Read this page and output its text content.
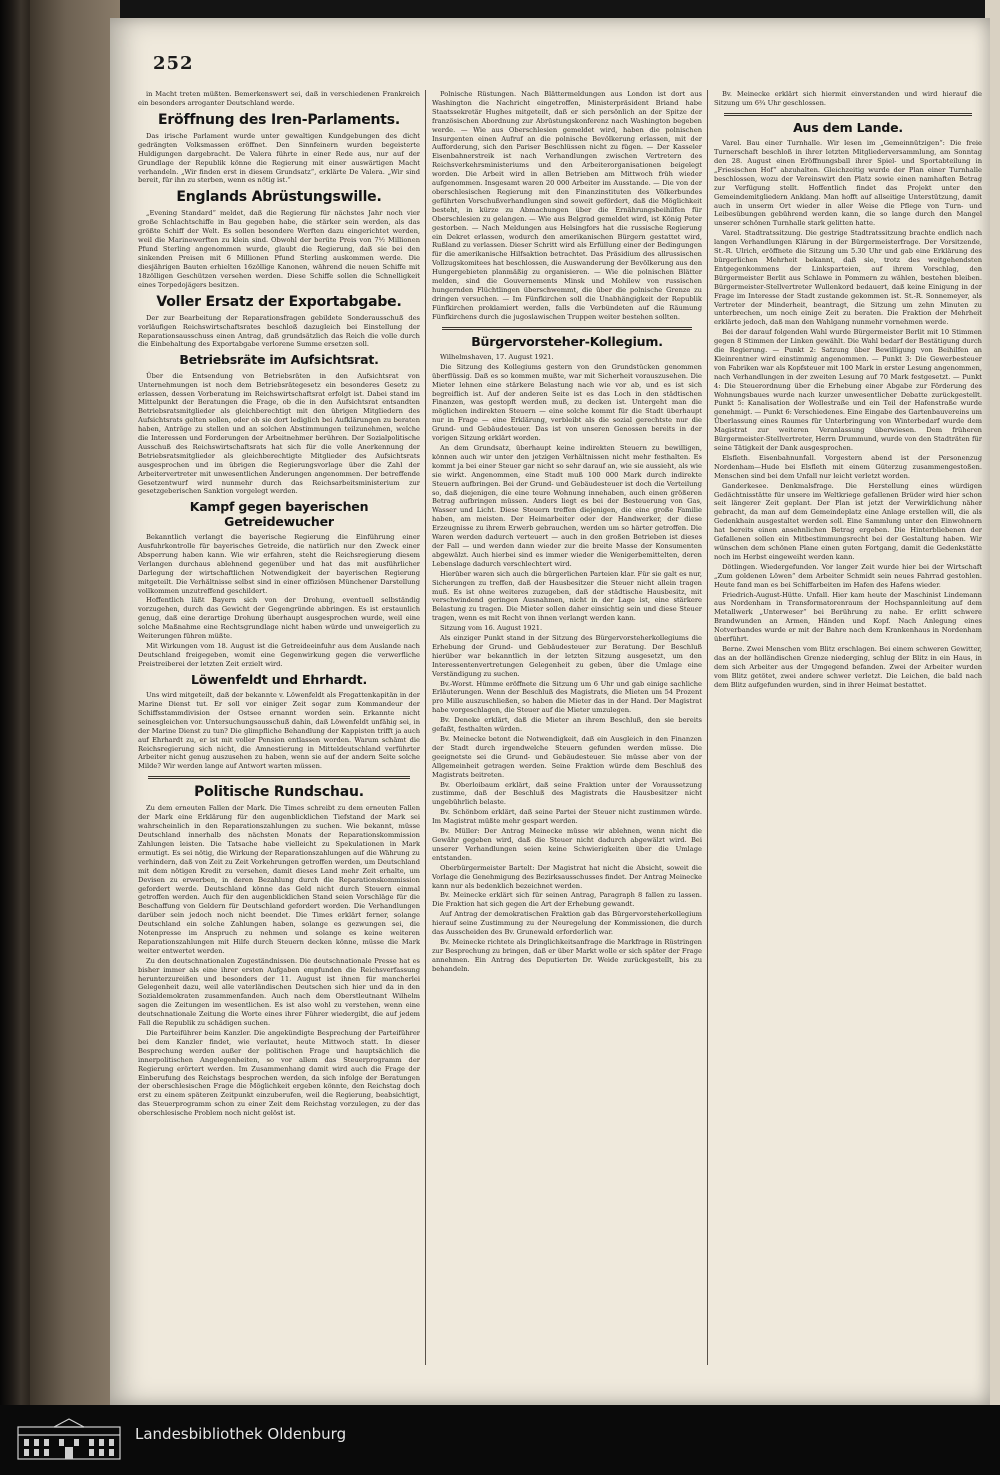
252

in Macht treten müßten. Bemerkenswert sei, daß in verschiedenen Frankreich ein besonders arroganter Deutschland werde.

Eröffnung des Iren-Parlaments.

Das irische Parlament wurde unter gewaltigen Kundgebungen des dicht gedrängten Volksmassen eröffnet. Den Sinnfeinern wurden begeisterte Huldigungen dargebracht. De Valera führte in einer Rede aus, nur auf der Grundlage der Republik könne die Regierung mit einer auswärtigen Macht verhandeln. „Wir finden erst in diesem Grundsatz“, erklärte De Valera. „Wir sind bereit, für ihn zu sterben, wenn es nötig ist.“

Englands Abrüstungswille.

„Evening Standard“ meldet, daß die Regierung für nächstes Jahr noch vier große Schlachtschiffe in Bau gegeben habe, die stärker sein werden, als das größte Schiff der Welt. Es sollen besondere Werften dazu eingerichtet werden, weil die Marinewerften zu klein sind. Obwohl der berüte Preis von 7½ Millionen Pfund Sterling angenommen wurde, glaubt die Regierung, daß sie bei den sinkenden Preisen mit 6 Millionen Pfund Sterling auskommen werde. Die diesjährigen Bauten erhielten 16zöllige Kanonen, während die neuen Schiffe mit 18zölligen Geschützen versehen werden. Diese Schiffe sollen die Schnelligkeit eines Torpedojägers besitzen.

Voller Ersatz der Exportabgabe.

Der zur Bearbeitung der Reparationsfragen gebildete Sonderausschuß des vorläufigen Reichswirtschaftsrates beschloß dazugleich bei Einstellung der Reparationsausschuss einen Antrag, daß grundsätzlich das Reich die volle durch die Einbehaltung des Exportabgabe verlorene Summe ersetzen soll.

Betriebsräte im Aufsichtsrat.

Über die Entsendung von Betriebsräten in den Aufsichtsrat von Unternehmungen ist noch dem Betriebsrätegesetz ein besonderes Gesetz zu erlassen, dessen Vorberatung im Reichswirtschaftsrat erfolgt ist. Dabei stand im Mittelpunkt der Beratungen die Frage, ob die in den Aufsichtsrat entsandten Betriebsratsmitglieder als gleichberechtigt mit den übrigen Mitgliedern des Aufsichtsrats gelten sollen, oder ob sie dort lediglich bei Aufklärungen zu beraten haben, Anträge zu stellen und an solchen Abstimmungen teilzunehmen, welche die Interessen und Forderungen der Arbeitnehmer berühren. Der Sozialpolitische Ausschuß des Reichswirtschaftsrats hat sich für die volle Anerkennung der Betriebsratsmitglieder als gleichberechtigte Mitglieder des Aufsichtsrats ausgesprochen und im übrigen die Regierungsvorlage über die Zahl der Arbeitervertreter mit unwesentlichen Änderungen angenommen. Der betreffende Gesetzentwurf wird nunmehr durch das Reichsarbeitsministerium zur gesetzgeberischen Sanktion vorgelegt werden.

Kampf gegen bayerischen Getreidewucher

Bekanntlich verlangt die bayerische Regierung die Einführung einer Ausfuhrkontrolle für bayerisches Getreide, die natürlich nur den Zweck einer Absperrung haben kann. Wie wir erfahren, steht die Reichsregierung diesem Verlangen durchaus ablehnend gegenüber und hat das mit ausführlicher Darlegung der wirtschaftlichen Notwendigkeit der bayerischen Regierung mitgeteilt. Die Verhältnisse selbst sind in einer offiziösen Münchener Darstellung vollkommen unzutreffend geschildert.

Hoffentlich läßt Bayern sich von der Drohung, eventuell selbständig vorzugehen, durch das Gewicht der Gegengründe abbringen. Es ist erstaunlich genug, daß eine derartige Drohung überhaupt ausgesprochen wurde, weil eine solche Maßnahme eine Rechtsgrundlage nicht haben würde und unweigerlich zu Weiterungen führen müßte.

Mit Wirkungen vom 18. August ist die Getreideeinfuhr aus dem Auslande nach Deutschland freigegeben, womit eine Gegenwirkung gegen die verwerfliche Preistreiberei der letzten Zeit erzielt wird.

Löwenfeldt und Ehrhardt.

Uns wird mitgeteilt, daß der bekannte v. Löwenfeldt als Fregattenkapitän in der Marine Dienst tut. Er soll vor einiger Zeit sogar zum Kommandeur der Schiffsstammdivision der Ostsee ernannt worden sein. Erkannte nicht seinesgleichen vor. Untersuchungsausschuß dahin, daß Löwenfeldt unfähig sei, in der Marine Dienst zu tun? Die glimpfliche Behandlung der Kappisten trifft ja auch auf Ehrhardt zu, er ist mit voller Pension entlassen worden. Warum schämt die Reichsregierung sich nicht, die Amnestierung in Mitteldeutschland verführter Arbeiter nicht genug auszusehen zu haben, wenn sie auf der andern Seite solche Milde? Wir werden lange auf Antwort warten müssen.

Politische Rundschau.

Zu dem erneuten Fallen der Mark. Die Times schreibt zu dem erneuten Fallen der Mark eine Erklärung für den augenblicklichen Tiefstand der Mark sei wahrscheinlich in den Reparationszahlungen zu suchen. Wie bekannt, müsse Deutschland innerhalb des nächsten Monats der Reparationskommission Zahlungen leisten. Die Tatsache habe vielleicht zu Spekulationen in Mark ermutigt. Es sei nötig, die Wirkung der Reparationszahlungen auf die Währung zu verhindern, daß von Zeit zu Zeit Vorkehrungen getroffen werden, um Deutschland mit dem nötigen Kredit zu versehen, damit dieses Land mehr Zeit erhalte, um Devisen zu erwerben, in deren Bezahlung durch die Reparationskommission gefordert werde. Deutschland könne das Geld nicht durch Steuern einmal getroffen werden. Auch für den augenblicklichen Stand seien Vorschläge für die Beschaffung von Geldern für Deutschland gefordert worden. Die Verhandlungen darüber sein jedoch noch nicht beendet. Die Times erklärt ferner, solange Deutschland ein solche Zahlungen haben, solange es gezwungen sei, die Notenpresse im Anspruch zu nehmen und solange es keine weiteren Reparationszahlungen mit Hilfe durch Steuern decken könne, müsse die Mark weiter entwertet werden.

Zu den deutschnationalen Zugeständnissen. Die deutschnationale Presse hat es bisher immer als eine ihrer ersten Aufgaben empfunden die Reichsverfassung herunterzureißen und besonders der 11. August ist ihnen für mancherlei Gelegenheit dazu, weil alle vaterländischen Deutschen sich hier und da in den Sozialdemokraten zusammenfanden. Auch nach dem Oberstleutnant Wilhelm sagen die Zeitungen im wesentlichen. Es ist also wohl zu verstehen, wenn eine deutschnationale Zeitung die Worte eines ihrer Führer wiedergibt, die auf jedem Fall die Republik zu schädigen suchen.

Die Parteiführer beim Kanzler. Die angekündigte Besprechung der Parteiführer bei dem Kanzler findet, wie verlautet, heute Mittwoch statt. In dieser Besprechung werden außer der politischen Frage und hauptsächlich die innerpolitischen Angelegenheiten, so vor allem das Steuerprogramm der Regierung erörtert werden. Im Zusammenhang damit wird auch die Frage der Einberufung des Reichstags besprochen werden, da sich infolge der Beratungen der oberschlesischen Frage die Möglichkeit ergeben könnte, den Reichstag doch erst zu einem späteren Zeitpunkt einzuberufen, weil die Regierung, beabsichtigt, das Steuerprogramm schon zu einer Zeit dem Reichstag vorzulegen, zu der das oberschlesische Problem noch nicht gelöst ist.

Polnische Rüstungen. Nach Blättermeldungen aus London ist dort aus Washington die Nachricht eingetroffen, Ministerpräsident Briand habe Staatssekretär Hughes mitgeteilt, daß er sich persönlich an der Spitze der französischen Abordnung zur Abrüstungskonferenz nach Washington begeben werde. — Wie aus Oberschlesien gemeldet wird, haben die polnischen Insurgenten einen Aufruf an die polnische Bevölkerung erlassen, mit der Aufforderung, sich den Pariser Beschlüssen nicht zu fügen. — Der Kasseler Eisenbahnerstreik ist nach Verhandlungen zwischen Vertretern des Reichsverkehrsministeriums und den Arbeiterorganisationen beigelegt worden. Die Arbeit wird in allen Betrieben am Mittwoch früh wieder aufgenommen. Insgesamt waren 20 000 Arbeiter im Ausstande. — Die von der oberschlesischen Regierung mit den Finanzinstituten des Völkerbundes geführten Vorschußverhandlungen sind soweit gefördert, daß die Möglichkeit besteht, in kürze zu Abmachungen über die Ernährungsbeihilfen für Oberschlesien zu gelangen. — Wie aus Belgrad gemeldet wird, ist König Peter gestorben. — Nach Meldungen aus Helsingfors hat die russische Regierung ein Dekret erlassen, wodurch den amerikanischen Bürgern gestattet wird, Rußland zu verlassen. Dieser Schritt wird als Erfüllung einer der Bedingungen für die amerikanische Hilfsaktion betrachtet. Das Präsidium des allrussischen Vollzugskomitees hat beschlossen, die Auswanderung der Bevölkerung aus den Hungergebieten planmäßig zu organisieren. — Wie die polnischen Blätter melden, sind die Gouvernements Minsk und Mohilew von russischen hungernden Flüchtlingen überschwemmt, die über die polnische Grenze zu dringen versuchen. — Im Fünfkirchen soll die Unabhängigkeit der Republik Fünfkirchen proklamiert werden, falls die Verbündeten auf die Räumung Fünfkirchens durch die jugoslawischen Truppen weiter bestehen sollten.

Bürgervorsteher-Kollegium.

Wilhelmshaven, 17. August 1921.

Die Sitzung des Kollegiums gestern von den Grundstücken genommen überflüssig. Daß es so kommen mußte, war mit Sicherheit vorauszusehen. Die Mieter lehnen eine stärkere Belastung nach wie vor ab, und es ist sich begreiflich ist. Auf der anderen Seite ist es das Loch in den städtischen Finanzen, was gestopft werden muß, zu decken ist. Untergeht man die möglichen indirekten Steuern — eine solche kommt für die Stadt überhaupt nur in Frage — eine Erklärung, verbleibt als die sozial gerechtste nur die Grund- und Gebäudesteuer. Das ist von unseren Genossen bereits in der vorigen Sitzung erklärt worden.

An dem Grundsatz, überhaupt keine indirekten Steuern zu bewilligen, können auch wir unter den jetzigen Verhältnissen nicht mehr festhalten. Es kommt ja bei einer Steuer gar nicht so sehr darauf an, wie sie aussieht, als wie sie wirkt. Angenommen, eine Stadt muß 100 000 Mark durch indirekte Steuern aufbringen. Bei der Grund- und Gebäudesteuer ist doch die Verteilung so, daß diejenigen, die eine teure Wohnung innehaben, auch einen größeren Betrag aufbringen müssen. Anders liegt es bei der Besteuerung von Gas, Wasser und Licht. Diese Steuern treffen diejenigen, die eine große Familie haben, am meisten. Der Heimarbeiter oder der Handwerker, der diese Erzeugnisse zu ihrem Erwerb gebrauchen, werden um so härter getroffen. Die Waren werden dadurch verteuert — auch in den großen Betrieben ist dieses der Fall — und werden dann wieder zur die breite Masse der Konsumenten abgewälzt. Auch hierbei sind es immer wieder die Wenigerbemittelten, deren Lebenslage dadurch verschlechtert wird.

Hierüber waren sich auch die bürgerlichen Parteien klar. Für sie galt es nur, Sicherungen zu treffen, daß der Hausbesitzer die Steuer nicht allein tragen muß. Es ist ohne weiteres zuzugeben, daß der städtische Hausbesitz, mit verschwindend geringen Ausnahmen, nicht in der Lage ist, eine stärkere Belastung zu tragen. Die Mieter sollen daher einsichtig sein und diese Steuer tragen, wenn es mit Recht von ihnen verlangt werden kann.

Sitzung vom 16. August 1921.

Als einziger Punkt stand in der Sitzung des Bürgervorsteherkollegiums die Erhebung der Grund- und Gebäudesteuer zur Beratung. Der Beschluß hierüber war bekanntlich in der letzten Sitzung ausgesetzt, um den Interessentenvertretungen Gelegenheit zu geben, über die Umlage eine Verständigung zu suchen.

Bv.-Worst. Hümme eröffnete die Sitzung um 6 Uhr und gab einige sachliche Erläuterungen. Wenn der Beschluß des Magistrats, die Mieten um 54 Prozent pro Mille auszuschließen, so haben die Mieter das in der Hand. Der Magistrat habe vorgeschlagen, die Steuer auf die Mieter umzulegen.

Bv. Deneke erklärt, daß die Mieter an ihrem Beschluß, den sie bereits gefaßt, festhalten würden.

Bv. Meinecke betont die Notwendigkeit, daß ein Ausgleich in den Finanzen der Stadt durch irgendwelche Steuern gefunden werden müsse. Die geeignetste sei die Grund- und Gebäudesteuer. Sie müsse aber von der Allgemeinheit getragen werden. Seine Fraktion würde dem Beschluß des Magistrats beitreten.

Bv. Oberloibaum erklärt, daß seine Fraktion unter der Voraussetzung zustimme, daß der Beschluß des Magistrats die Hausbesitzer nicht ungebührlich belaste.

Bv. Schönbom erklärt, daß seine Partei der Steuer nicht zustimmen würde. Im Magistrat müßte mehr gespart werden.

Bv. Müller: Der Antrag Meinecke müsse wir ablehnen, wenn nicht die Gewähr gegeben wird, daß die Steuer nicht dadurch abgewälzt wird. Bei unserer Verhandlungen seien keine Schwierigkeiten über die Umlage entstanden.

Oberbürgermeister Bartelt: Der Magistrat hat nicht die Absicht, soweit die Vorlage die Genehmigung des Bezirksausschusses findet. Der Antrag Meinecke kann nur als bedenklich bezeichnet werden.

Bv. Meinecke erklärt sich für seinen Antrag, Paragraph 8 fallen zu lassen. Die Fraktion hat sich gegen die Art der Erhebung gewandt.

Auf Antrag der demokratischen Fraktion gab das Bürgervorsteherkollegium hierauf seine Zustimmung zu der Neuregelung der Kommissionen, die durch das Ausscheiden des Bv. Grunewald erforderlich war.

Bv. Meinecke richtete als Dringlichkeitsanfrage die Markfrage in Rüstringen zur Besprechung zu bringen, daß er über Markt wolle er sich später der Frage annehmen. Ein Antrag des Deputierten Dr. Weide zurückgestellt, bis zu behandeln.

Bv. Meinecke erklärt sich hiermit einverstanden und wird hierauf die Sitzung um 6¾ Uhr geschlossen.

Aus dem Lande.

Varel. Bau einer Turnhalle. Wir lesen im „Gemeinnützigen“: Die freie Turnerschaft beschloß in ihrer letzten Mitgliederversammlung, am Sonntag den 28. August einen Eröffnungsball ihrer Spiel- und Sportabteilung in „Friesischen Hof“ abzuhalten. Gleichzeitig wurde der Plan einer Turnhalle beschlossen, wozu der Vereinswirt den Platz sowie einen namhaften Betrag zur Verfügung stellt. Hoffentlich findet das Projekt unter den Gemeindemitgliedern Anklang. Man hofft auf allseitige Unterstützung, damit auch in unserm Ort wieder in aller Weise die Pflege von Turn- und Leibesübungen gebührend werden kann, die so lange durch den Mangel unserer schönen Turnhalle stark gelitten hatte.

Varel. Stadtratssitzung. Die gestrige Stadtratssitzung brachte endlich nach langen Verhandlungen Klärung in der Bürgermeisterfrage. Der Vorsitzende, St.-R. Ulrich, eröffnete die Sitzung um 5.30 Uhr und gab eine Erklärung des bürgerlichen Mehrheit bekannt, daß sie, trotz des weitgehendsten Entgegenkommens der Linksparteien, auf ihrem Vorschlag, den Bürgermeister Berlit aus Schlawe in Pommern zu wählen, bestehen bleiben. Bürgermeister-Stellvertreter Wullenkord bedauert, daß keine Einigung in der Frage im Interesse der Stadt zustande gekommen ist. St.-R. Sonnemeyer, als Vertreter der Minderheit, beantragt, die Sitzung um zehn Minuten zu unterbrechen, um noch einige Zeit zu beraten. Die Fraktion der Mehrheit erklärte jedoch, daß man den Wahlgang nunmehr vornehmen werde.

Bei der darauf folgenden Wahl wurde Bürgermeister Berlit mit 10 Stimmen gegen 8 Stimmen der Linken gewählt. Die Wahl bedarf der Bestätigung durch die Regierung. — Punkt 2: Satzung über Bewilligung von Beihilfen an Kleinrentner wird einstimmig angenommen. — Punkt 3: Die Gewerbesteuer von Fabriken war als Kopfsteuer mit 100 Mark in erster Lesung angenommen, nach Verhandlungen in der zweiten Lesung auf 70 Mark festgesetzt. — Punkt 4: Die Steuerordnung über die Erhebung einer Abgabe zur Förderung des Wohnungsbaues wurde nach kurzer unwesentlicher Debatte zurückgestellt. Punkt 5: Kanalisation der Wollestraße und ein Teil der Hafenstraße wurde genehmigt. — Punkt 6: Verschiedenes. Eine Eingabe des Gartenbauvereins um Überlassung eines Raumes für Unterbringung von Winterbedarf wurde dem Magistrat zur weiteren Veranlassung überwiesen. Dem früheren Bürgermeister-Stellvertreter, Herrn Drummund, wurde von den Stadträten für seine Tätigkeit der Dank ausgesprochen.

Elsfleth. Eisenbahnunfall. Vorgestern abend ist der Personenzug Nordenham—Hude bei Elsfleth mit einem Güterzug zusammengestoßen. Menschen sind bei dem Unfall nur leicht verletzt worden.

Ganderkesee. Denkmalsfrage. Die Herstellung eines würdigen Gedächtnisstätte für unsere im Weltkriege gefallenen Brüder wird hier schon seit längerer Zeit geplant. Der Plan ist jetzt der Verwirklichung näher gebracht, da man auf dem Gemeindeplatz eine Anlage erstellen will, die als Gedenkhain ausgestaltet werden soll. Eine Sammlung unter den Einwohnern hat bereits einen ansehnlichen Betrag ergeben. Die Hinterbliebenen der Gefallenen sollen ein Mitbestimmungsrecht bei der Gestaltung haben. Wir wünschen dem schönen Plane einen guten Fortgang, damit die Gedenkstätte noch im Herbst eingeweiht werden kann.

Dötlingen. Wiedergefunden. Vor langer Zeit wurde hier bei der Wirtschaft „Zum goldenen Löwen“ dem Arbeiter Schmidt sein neues Fahrrad gestohlen. Heute fand man es bei Schiffarbeiten im Hafen des Hafens wieder.

Friedrich-August-Hütte. Unfall. Hier kam heute der Maschinist Lindemann aus Nordenham in Transformatorenraum der Hochspannleitung auf dem Metallwerk „Unterweser“ bei Berührung zu nahe. Er erlitt schwere Brandwunden an Armen, Händen und Kopf. Nach Anlegung eines Notverbandes wurde er mit der Bahre nach dem Krankenhaus in Nordenham überführt.

Berne. Zwei Menschen vom Blitz erschlagen. Bei einem schweren Gewitter, das an der holländischen Grenze niederging, schlug der Blitz in ein Haus, in dem sich Arbeiter aus der Umgegend befanden. Zwei der Arbeiter wurden vom Blitz getötet, zwei andere schwer verletzt. Die Leichen, die bald nach dem Blitz aufgefunden wurden, sind in ihrer Heimat bestattet.

Landesbibliothek Oldenburg
